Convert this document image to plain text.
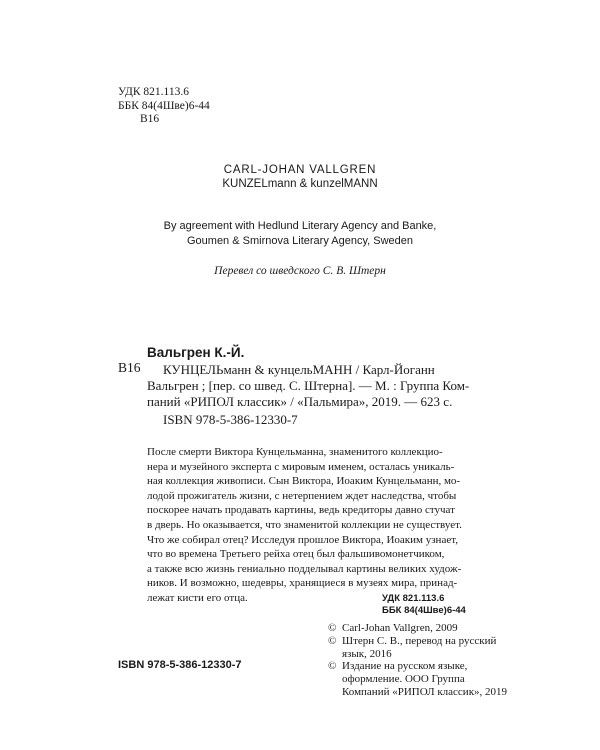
УДК 821.113.6
ББК 84(4Шве)6-44
В16
CARL-JOHAN VALLGREN
KUNZELmann & kunzelMANN
By agreement with Hedlund Literary Agency and Banke,
Goumen & Smirnova Literary Agency, Sweden
Перевел со шведского С. В. Штерн
Вальгрен К.-Й.
В16	КУНЦЕЛЬманн & кунцельМАНН / Карл-Йоганн
Вальгрен ; [пер. со швед. С. Штерна]. — М. : Группа Ком-
паний «РИПОЛ классик» / «Пальмира», 2019. — 623 с.
ISBN 978-5-386-12330-7
После смерти Виктора Кунцельманна, знаменитого коллекцио-
нера и музейного эксперта с мировым именем, осталась уникаль-
ная коллекция живописи. Сын Виктора, Иоаким Кунцельманн, мо-
лодой прожигатель жизни, с нетерпением ждет наследства, чтобы
поскорее начать продавать картины, ведь кредиторы давно стучат
в дверь. Но оказывается, что знаменитой коллекции не существует.
Что же собирал отец? Исследуя прошлое Виктора, Иоаким узнает,
что во времена Третьего рейха отец был фальшивомонетчиком,
а также всю жизнь гениально подделывал картины великих худож-
ников. И возможно, шедевры, хранящиеся в музеях мира, принад-
лежат кисти его отца.	УДК 821.113.6
ББК 84(4Шве)6-44
© Carl-Johan Vallgren, 2009
© Штерн С. В., перевод на русский язык, 2016
© Издание на русском языке, оформление. ООО Группа Компаний «РИПОЛ классик», 2019
ISBN 978-5-386-12330-7
